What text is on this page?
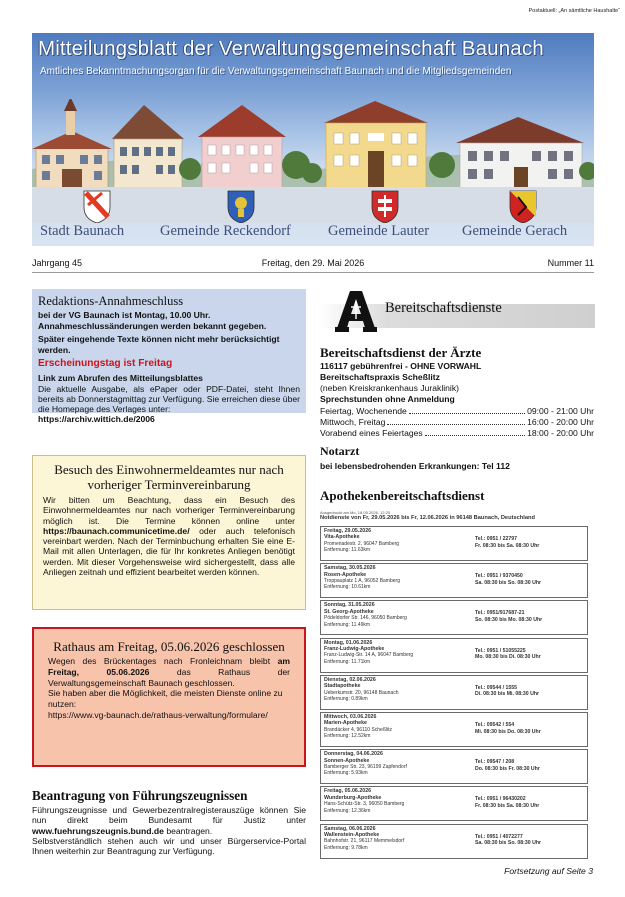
Postaktuell: „An sämtliche Haushalte“
Mitteilungsblatt der Verwaltungsgemeinschaft Baunach
Amtliches Bekanntmachungsorgan für die Verwaltungsgemeinschaft Baunach und die Mitgliedsgemeinden
Stadt Baunach Gemeinde Reckendorf	Gemeinde Lauter Gemeinde Gerach
Jahrgang 45	Freitag, den 29. Mai 2026	Nummer 11
Redaktions-Annahmeschluss
bei der VG Baunach ist Montag, 10.00 Uhr.
Annahmeschlussänderungen werden bekannt gegeben.
Später eingehende Texte können nicht mehr berücksichtigt werden.
Erscheinungstag ist Freitag
Link zum Abrufen des Mitteilungsblattes
Die aktuelle Ausgabe, als ePaper oder PDF-Datei, steht Ihnen bereits ab Donnerstagmittag zur Verfügung. Sie erreichen diese über die Homepage des Verlages unter:
https://archiv.wittich.de/2006
Besuch des Einwohnermeldeamtes nur nach vorheriger Terminvereinbarung

Wir bitten um Beachtung, dass ein Besuch des Einwohnermeldeamtes nur nach vorheriger Terminvereinbarung möglich ist. Die Termine können online unter https://baunach.communicetime.de/ oder auch telefonisch vereinbart werden. Nach der Terminbuchung erhalten Sie eine E-Mail mit allen Unterlagen, die für Ihr konkretes Anliegen benötigt werden. Mit dieser Vorgehensweise wird sichergestellt, dass alle Anliegen zeitnah und effizient bearbeitet werden können.

Rathaus am Freitag, 05.06.2026 geschlossen

Wegen des Brückentages nach Fronleichnam bleibt am Freitag, 05.06.2026 das Rathaus der Verwaltungsgemeinschaft Baunach geschlossen.

Sie haben aber die Möglichkeit, die meisten Dienste online zu nutzen:

https://www.vg-baunach.de/rathaus-verwaltung/formulare/

Beantragung von Führungszeugnissen

Führungszeugnisse und Gewerbezentralregisterauszüge können Sie nun direkt beim Bundesamt für Justiz unter www.fuehrungszeugnis.bund.de beantragen.

Selbstverständlich stehen auch wir und unser Bürgerservice-Portal Ihnen weiterhin zur Beantragung zur Verfügung.

Bereitschaftsdienste
Bereitschaftsdienst der Ärzte
116117 gebührenfrei - OHNE VORWAHL
Bereitschaftspraxis Scheßlitz
(neben Kreiskrankenhaus Juraklinik)
Sprechstunden ohne Anmeldung
Feiertag, Wochenende	09:00 - 21:00 Uhr
Mittwoch, Freitag	16:00 - 20:00 Uhr
Vorabend eines Feiertages	18:00 - 20:00 Uhr
Notarzt
bei lebensbedrohenden Erkrankungen: Tel 112
Apothekenbereitschaftsdienst
Ausgedruckt am Mo, 18.05.2026, 12:20
Notdienste von Fr, 29.05.2026 bis Fr, 12.06.2026 in 96148 Baunach, Deutschland
Freitag, 29.05.2026
Vita-Apotheke
Promenadestr. 2, 96047 Bamberg
Entfernung: 11.63km
Tel.: 0951 / 22797
Fr. 08:30 bis Sa. 08:30 Uhr
Samstag, 30.05.2026
Rosen-Apotheke
Troppauplatz 1 A, 96052 Bamberg
Entfernung: 10.61km
Tel.: 0951 / 9370450
Sa. 08:30 bis So. 08:30 Uhr
Sonntag, 31.05.2026
St. Georg-Apotheke
Pödeldorfer Str. 146, 96050 Bamberg
Entfernung: 11.49km
Tel.: 0951/917687-21
So. 08:30 bis Mo. 08:30 Uhr
Montag, 01.06.2026
Franz-Ludwig-Apotheke
Franz-Ludwig-Str. 14 A, 96047 Bamberg
Entfernung: 11.71km
Tel.: 0951 / 51055225
Mo. 08:30 bis Di. 08:30 Uhr
Dienstag, 02.06.2026
Stadtapotheke
Ueberkumstr. 20, 96148 Baunach
Entfernung: 0.89km
Tel.: 09544 / 1555
Di. 08:30 bis Mi. 08:30 Uhr
Mittwoch, 03.06.2026
Marien-Apotheke
Brandäcker 4, 96110 Scheßlitz
Entfernung: 12.52km
Tel.: 09542 / 554
Mi. 08:30 bis Do. 08:30 Uhr
Donnerstag, 04.06.2026
Sonnen-Apotheke
Bamberger Str. 23, 96199 Zapfendorf
Entfernung: 5.93km
Tel.: 09547 / 208
Do. 08:30 bis Fr. 08:30 Uhr
Freitag, 05.06.2026
Wunderburg-Apotheke
Hans-Schütz-Str. 3, 96050 Bamberg
Entfernung: 12.36km
Tel.: 0951 / 96430202
Fr. 08:30 bis Sa. 08:30 Uhr
Samstag, 06.06.2026
Wallenstein-Apotheke
Bahnhofstr. 21, 96117 Memmelsdorf
Entfernung: 9.78km
Tel.: 0951 / 4072277
Sa. 08:30 bis So. 08:30 Uhr
Fortsetzung auf Seite 3
